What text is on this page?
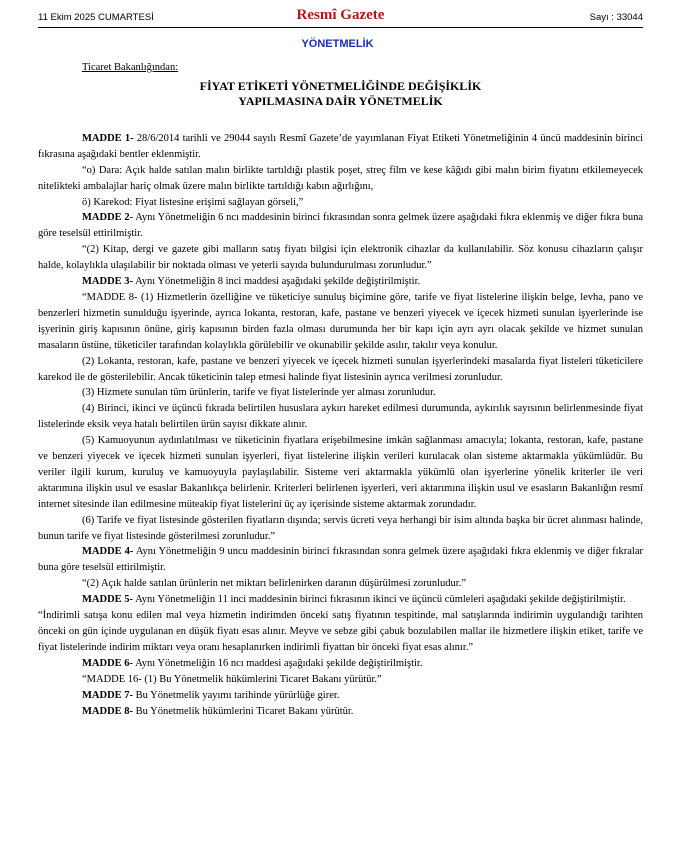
11 Ekim 2025 CUMARTESİ	Resmî Gazete	Sayı : 33044
YÖNETMELİK

Ticaret Bakanlığından:

FİYAT ETİKETİ YÖNETMELİĞİNDE DEĞİŞİKLİK

YAPILMASINA DAİR YÖNETMELİK

MADDE 1- 28/6/2014 tarihli ve 29044 sayılı Resmî Gazete’de yayımlanan Fiyat Etiketi Yönetmeliğinin 4 üncü maddesinin birinci fıkrasına aşağıdaki bentler eklenmiştir.

“o) Dara: Açık halde satılan malın birlikte tartıldığı plastik poşet, streç film ve kese kâğıdı gibi malın birim fiyatını etkilemeyecek nitelikteki ambalajlar hariç olmak üzere malın birlikte tartıldığı kabın ağırlığını,

ö) Karekod: Fiyat listesine erişimi sağlayan görseli,”

MADDE 2- Aynı Yönetmeliğin 6 ncı maddesinin birinci fıkrasından sonra gelmek üzere aşağıdaki fıkra eklenmiş ve diğer fıkra buna göre teselsül ettirilmiştir.

“(2) Kitap, dergi ve gazete gibi malların satış fiyatı bilgisi için elektronik cihazlar da kullanılabilir. Söz konusu cihazların çalışır halde, kolaylıkla ulaşılabilir bir noktada olması ve yeterli sayıda bulundurulması zorunludur.”

MADDE 3- Aynı Yönetmeliğin 8 inci maddesi aşağıdaki şekilde değiştirilmiştir.

“MADDE 8- (1) Hizmetlerin özelliğine ve tüketiciye sunuluş biçimine göre, tarife ve fiyat listelerine ilişkin belge, levha, pano ve benzerleri hizmetin sunulduğu işyerinde, ayrıca lokanta, restoran, kafe, pastane ve benzeri yiyecek ve içecek hizmeti sunulan işyerlerinde ise işyerinin giriş kapısının önüne, giriş kapısının birden fazla olması durumunda her bir kapı için ayrı ayrı olacak şekilde ve hizmet sunulan masaların üstüne, tüketiciler tarafından kolaylıkla görülebilir ve okunabilir şekilde asılır, takılır veya konulur.

(2) Lokanta, restoran, kafe, pastane ve benzeri yiyecek ve içecek hizmeti sunulan işyerlerindeki masalarda fiyat listeleri tüketicilere karekod ile de gösterilebilir. Ancak tüketicinin talep etmesi halinde fiyat listesinin ayrıca verilmesi zorunludur.

(3) Hizmete sunulan tüm ürünlerin, tarife ve fiyat listelerinde yer alması zorunludur.

(4) Birinci, ikinci ve üçüncü fıkrada belirtilen hususlara aykırı hareket edilmesi durumunda, aykırılık sayısının belirlenmesinde fiyat listelerinde eksik veya hatalı belirtilen ürün sayısı dikkate alınır.

(5) Kamuoyunun aydınlatılması ve tüketicinin fiyatlara erişebilmesine imkân sağlanması amacıyla; lokanta, restoran, kafe, pastane ve benzeri yiyecek ve içecek hizmeti sunulan işyerleri, fiyat listelerine ilişkin verileri kurulacak olan sisteme aktarmakla yükümlüdür. Bu veriler ilgili kurum, kuruluş ve kamuoyuyla paylaşılabilir. Sisteme veri aktarmakla yükümlü olan işyerlerine yönelik kriterler ile veri aktarımına ilişkin usul ve esaslar Bakanlıkça belirlenir. Kriterleri belirlenen işyerleri, veri aktarımına ilişkin usul ve esasların Bakanlığın resmî internet sitesinde ilan edilmesine müteakip fiyat listelerini üç ay içerisinde sisteme aktarmak zorundadır.

(6) Tarife ve fiyat listesinde gösterilen fiyatların dışında; servis ücreti veya herhangi bir isim altında başka bir ücret alınması halinde, bunun tarife ve fiyat listesinde gösterilmesi zorunludur.”

MADDE 4- Aynı Yönetmeliğin 9 uncu maddesinin birinci fıkrasından sonra gelmek üzere aşağıdaki fıkra eklenmiş ve diğer fıkralar buna göre teselsül ettirilmiştir.

“(2) Açık halde satılan ürünlerin net miktarı belirlenirken daranın düşürülmesi zorunludur.”

MADDE 5- Aynı Yönetmeliğin 11 inci maddesinin birinci fıkrasının ikinci ve üçüncü cümleleri aşağıdaki şekilde değiştirilmiştir.

“İndirimli satışa konu edilen mal veya hizmetin indirimden önceki satış fiyatının tespitinde, mal satışlarında indirimin uygulandığı tarihten önceki on gün içinde uygulanan en düşük fiyatı esas alınır. Meyve ve sebze gibi çabuk bozulabilen mallar ile hizmetlere ilişkin etiket, tarife ve fiyat listelerinde indirim miktarı veya oranı hesaplanırken indirimli fiyattan bir önceki fiyat esas alınır.”

MADDE 6- Aynı Yönetmeliğin 16 ncı maddesi aşağıdaki şekilde değiştirilmiştir.

“MADDE 16- (1) Bu Yönetmelik hükümlerini Ticaret Bakanı yürütür.”

MADDE 7- Bu Yönetmelik yayımı tarihinde yürürlüğe girer.

MADDE 8- Bu Yönetmelik hükümlerini Ticaret Bakanı yürütür.
